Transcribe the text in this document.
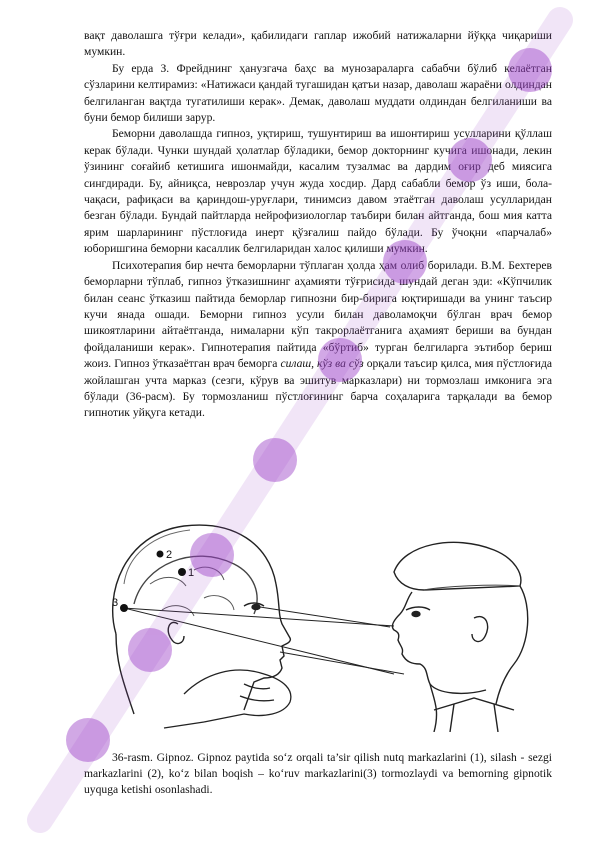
вақт даволашга тўғри келади», қабилидаги гаплар ижобий натижаларни йўққа чиқариши мумкин.

Бу ерда З. Фрейднинг ҳанузгача баҳс ва мунозараларга сабабчи бўлиб келаётган сўзларини келтирамиз: «Натижаси қандай тугашидан қатъи назар, даволаш жараёни олдиндан белгиланган вақтда тугатилиши керак». Демак, даволаш муддати олдиндан белгиланиши ва буни бемор билиши зарур.

Беморни даволашда гипноз, уқтириш, тушунтириш ва ишонтириш усулларини қўллаш керак бўлади. Чунки шундай ҳолатлар бўладики, бемор докторнинг кучига ишонади, лекин ўзининг соғайиб кетишига ишонмайди, касалим тузалмас ва дардим оғир деб миясига сингдиради. Бу, айниқса, неврозлар учун жуда хосдир. Дард сабабли бемор ўз иши, бола-чақаси, рафиқаси ва қариндош-уруғлари, тинимсиз давом этаётган даволаш усулларидан безган бўлади. Бундай пайтларда нейрофизиологлар таъбири билан айтганда, бош мия катта ярим шарларининг пўстлоғида инерт қўзғалиш пайдо бўлади. Бу ўчоқни «парчалаб» юборишгина беморни касаллик белгиларидан халос қилиши мумкин.

Психотерапия бир нечта беморларни тўплаган ҳолда ҳам олиб борилади. В.М. Бехтерев беморларни тўплаб, гипноз ўтказишнинг аҳамияти тўғрисида шундай деган эди: «Кўпчилик билан сеанс ўтказиш пайтида беморлар гипнозни бир-бирига юқтиришади ва унинг таъсир кучи янада ошади. Беморни гипноз усули билан даволамоқчи бўлган врач бемор шикоятларини айтаётганда, нималарни кўп такрорлаётганига аҳамият бериши ва бундан фойдаланиши керак». Гипнотерапия пайтида «бўртиб» турган белгиларга эътибор бериш жоиз. Гипноз ўтказаётган врач беморга силаш, кўз ва сўз орқали таъсир қилса, мия пўстлоғида жойлашган учта марказ (сезги, кўрув ва эшитув марказлари) ни тормозлаш имконига эга бўлади (36-расм). Бу тормозланиш пўстлоғининг барча соҳаларига тарқалади ва бемор гипнотик уйқуга кетади.

1
2
3

36-rasm. Gipnoz. Gipnoz paytida so‘z orqali ta’sir qilish nutq markazlarini (1), silash - sezgi markazlarini (2), ko‘z bilan boqish – ko‘ruv markazlarini(3) tormozlaydi va bemorning gipnotik uyquga ketishi osonlashadi.
